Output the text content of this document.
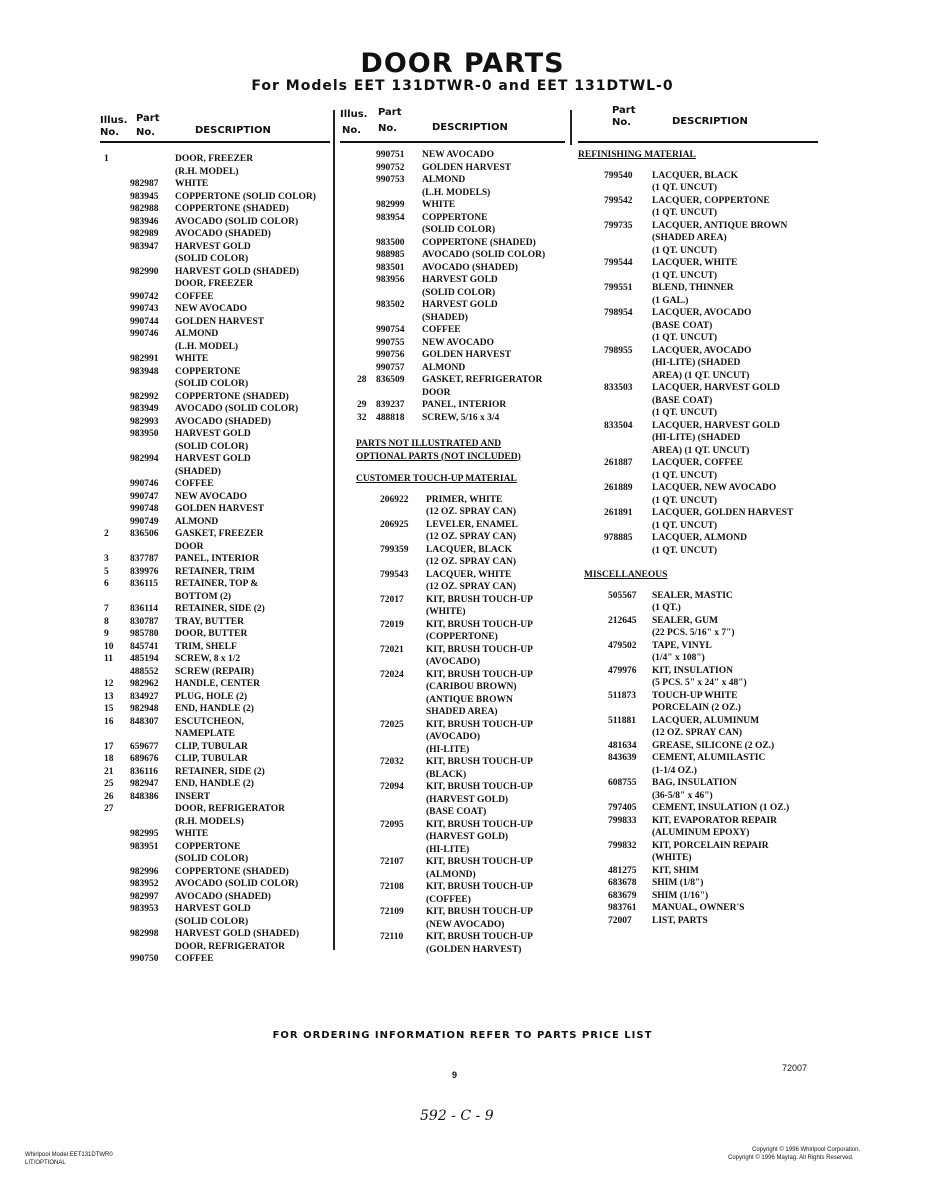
DOOR PARTS
For Models EET 131DTWR-0 and EET 131DTWL-0
Illus.
No.
Part
No.	DESCRIPTION
1	DOOR, FREEZER
(R.H. MODEL)
982987 WHITE
983945 COPPERTONE (SOLID COLOR)
982988 COPPERTONE (SHADED)
983946 AVOCADO (SOLID COLOR)
982989 AVOCADO (SHADED)
983947 HARVEST GOLD
(SOLID COLOR)
982990 HARVEST GOLD (SHADED)
DOOR, FREEZER
990742 COFFEE
990743 NEW AVOCADO
990744 GOLDEN HARVEST
990746 ALMOND
(L.H. MODEL)
982991 WHITE
983948 COPPERTONE
(SOLID COLOR)
982992 COPPERTONE (SHADED)
983949 AVOCADO (SOLID COLOR)
982993 AVOCADO (SHADED)
983950 HARVEST GOLD
(SOLID COLOR)
982994 HARVEST GOLD
(SHADED)
990746 COFFEE
990747 NEW AVOCADO
990748 GOLDEN HARVEST
990749 ALMOND
2 836506 GASKET, FREEZER
DOOR
3 837787 PANEL, INTERIOR
5 839976 RETAINER, TRIM
6 836115 RETAINER, TOP &
BOTTOM (2)
7 836114 RETAINER, SIDE (2)
8 830787 TRAY, BUTTER
9 985780 DOOR, BUTTER
10 845741 TRIM, SHELF
11 485194 SCREW, 8 x 1/2
488552 SCREW (REPAIR)
12 982962 HANDLE, CENTER
13 834927 PLUG, HOLE (2)
15 982948 END, HANDLE (2)
16 848307 ESCUTCHEON,
NAMEPLATE
17 659677 CLIP, TUBULAR
18 689676 CLIP, TUBULAR
21 836116 RETAINER, SIDE (2)
25 982947 END, HANDLE (2)
26 848386 INSERT
27	DOOR, REFRIGERATOR
(R.H. MODELS)
982995 WHITE
983951 COPPERTONE
(SOLID COLOR)
982996 COPPERTONE (SHADED)
983952 AVOCADO (SOLID COLOR)
982997 AVOCADO (SHADED)
983953 HARVEST GOLD
(SOLID COLOR)
982998 HARVEST GOLD (SHADED)
DOOR, REFRIGERATOR
990750 COFFEE
Illus.
No.
Part
No.	DESCRIPTION
990751 NEW AVOCADO
990752 GOLDEN HARVEST
990753 ALMOND
(L.H. MODELS)
982999 WHITE
983954 COPPERTONE
(SOLID COLOR)
983500 COPPERTONE (SHADED)
988985 AVOCADO (SOLID COLOR)
983501 AVOCADO (SHADED)
983956 HARVEST GOLD
(SOLID COLOR)
983502 HARVEST GOLD
(SHADED)
990754 COFFEE
990755 NEW AVOCADO
990756 GOLDEN HARVEST
990757 ALMOND
28 836509 GASKET, REFRIGERATOR
DOOR
29 839237 PANEL, INTERIOR
32 488818 SCREW, 5/16 x 3/4
PARTS NOT ILLUSTRATED AND
OPTIONAL PARTS (NOT INCLUDED)
CUSTOMER TOUCH-UP MATERIAL
206922 PRIMER, WHITE
(12 OZ. SPRAY CAN)
206925 LEVELER, ENAMEL
(12 OZ. SPRAY CAN)
799359 LACQUER, BLACK
(12 OZ. SPRAY CAN)
799543 LACQUER, WHITE
(12 OZ. SPRAY CAN)
72017 KIT, BRUSH TOUCH-UP
(WHITE)
72019 KIT, BRUSH TOUCH-UP
(COPPERTONE)
72021 KIT, BRUSH TOUCH-UP
(AVOCADO)
72024 KIT, BRUSH TOUCH-UP
(CARIBOU BROWN)
(ANTIQUE BROWN
SHADED AREA)
72025 KIT, BRUSH TOUCH-UP
(AVOCADO)
(HI-LITE)
72032 KIT, BRUSH TOUCH-UP
(BLACK)
72094 KIT, BRUSH TOUCH-UP
(HARVEST GOLD)
(BASE COAT)
72095 KIT, BRUSH TOUCH-UP
(HARVEST GOLD)
(HI-LITE)
72107 KIT, BRUSH TOUCH-UP
(ALMOND)
72108 KIT, BRUSH TOUCH-UP
(COFFEE)
72109 KIT, BRUSH TOUCH-UP
(NEW AVOCADO)
72110 KIT, BRUSH TOUCH-UP
(GOLDEN HARVEST)
Part
No.	DESCRIPTION
REFINISHING MATERIAL
799540 LACQUER, BLACK
(1 QT. UNCUT)
799542 LACQUER, COPPERTONE
(1 QT. UNCUT)
799735 LACQUER, ANTIQUE BROWN
(SHADED AREA)
(1 QT. UNCUT)
799544 LACQUER, WHITE
(1 QT. UNCUT)
799551 BLEND, THINNER
(1 GAL.)
798954 LACQUER, AVOCADO
(BASE COAT)
(1 QT. UNCUT)
798955 LACQUER, AVOCADO
(HI-LITE) (SHADED
AREA) (1 QT. UNCUT)
833503 LACQUER, HARVEST GOLD
(BASE COAT)
(1 QT. UNCUT)
833504 LACQUER, HARVEST GOLD
(HI-LITE) (SHADED
AREA) (1 QT. UNCUT)
261887 LACQUER, COFFEE
(1 QT. UNCUT)
261889 LACQUER, NEW AVOCADO
(1 QT. UNCUT)
261891 LACQUER, GOLDEN HARVEST
(1 QT. UNCUT)
978885 LACQUER, ALMOND
(1 QT. UNCUT)
MISCELLANEOUS
505567 SEALER, MASTIC
(1 QT.)
212645 SEALER, GUM
(22 PCS. 5/16" x 7")
479502 TAPE, VINYL
(1/4" x 108")
479976 KIT, INSULATION
(5 PCS. 5" x 24" x 48")
511873 TOUCH-UP WHITE
PORCELAIN (2 OZ.)
511881 LACQUER, ALUMINUM
(12 OZ. SPRAY CAN)
481634 GREASE, SILICONE (2 OZ.)
843639 CEMENT, ALUMILASTIC
(1-1/4 OZ.)
608755 BAG, INSULATION
(36-5/8" x 46")
797405 CEMENT, INSULATION (1 OZ.)
799833 KIT, EVAPORATOR REPAIR
(ALUMINUM EPOXY)
799832 KIT, PORCELAIN REPAIR
(WHITE)
481275 KIT, SHIM
683678 SHIM (1/8")
683679 SHIM (1/16")
983761 MANUAL, OWNER'S
72007 LIST, PARTS
FOR ORDERING INFORMATION REFER TO PARTS PRICE LIST
72007
9
592 - C - 9
Whirlpool Model EET131DTWR0
LIT/OPTIONAL
Copyright © 1996 Whirlpool Corporation.
Copyright © 1996 Maytag. All Rights Reserved.
